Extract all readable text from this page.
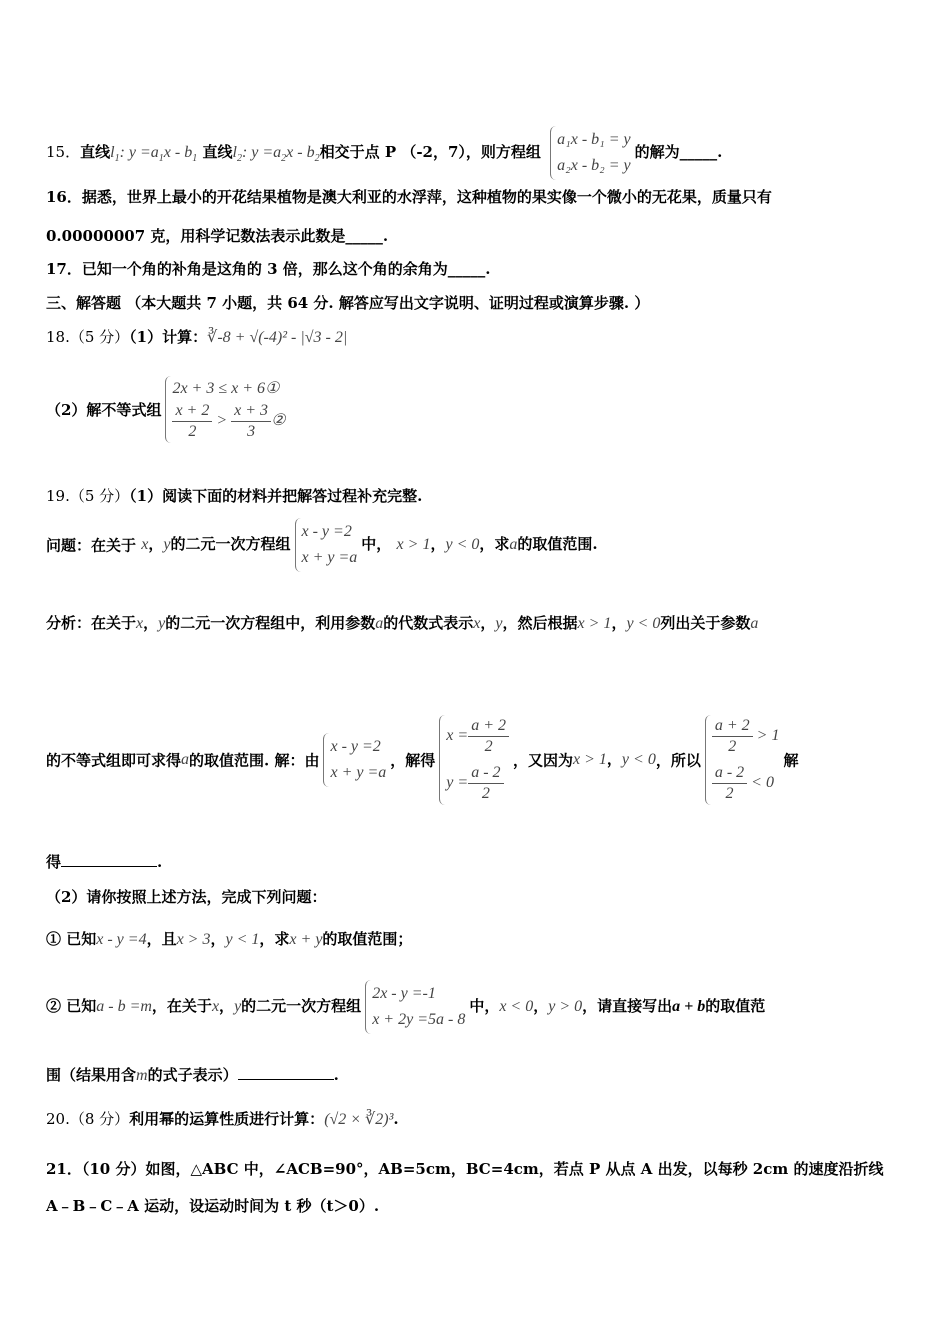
15．直线$l_1$: $y =a_1x - b_1$ 直线$l_2$: $y =a_2x - b_2$相交于点 P （-2，7），则方程组
a₁x - b₁ = y
a₂x - b₂ = y
的解为_____.
16．据悉，世界上最小的开花结果植物是澳大利亚的水浮萍，这种植物的果实像一个微小的无花果，质量只有
0.00000007 克，用科学记数法表示此数是_____.
17．已知一个角的补角是这角的 3 倍，那么这个角的余角为_____.
三、解答题 （本大题共 7 小题，共 64 分. 解答应写出文字说明、证明过程或演算步骤. ）
18.（5 分）（1）计算：∛-8 + √(-4)² - |√3 - 2|
（2）解不等式组
2x + 3 ≤ x + 6①
$\frac{x + 2}{2} > \frac{x + 3}{3}$ ②
19.（5 分）（1）阅读下面的材料并把解答过程补充完整.
问题：在关于 x，y的二元一次方程组
x - y =2
x + y =a
中， x > 1，y < 0，求a的取值范围.
分析：在关于x，y的二元一次方程组中，利用参数a的代数式表示x，y，然后根据x > 1，y < 0列出关于参数a
的不等式组即可求得a的取值范围. 解：由
x - y =2
x + y =a
，解得
$x = \frac{a + 2}{2}$
$y = \frac{a - 2}{2}$
，又因为x > 1，y < 0，所以
$\frac{a + 2}{2} > 1$
$\frac{a - 2}{2} < 0$
解
得	.
（2）请你按照上述方法，完成下列问题：
① 已知x - y =4，且x > 3，y < 1，求x + y的取值范围；
② 已知a - b =m，在关于x，y的二元一次方程组
2x - y =-1
x + 2y =5a - 8
中，x < 0，y > 0，请直接写出a + b的取值范
围（结果用含m的式子表示）	.
20.（8 分）利用幂的运算性质进行计算：(√2 × ∛2)³.
21．（10 分）如图，△ABC 中，∠ACB=90°，AB=5cm，BC=4cm，若点 P 从点 A 出发，以每秒 2cm 的速度沿折线
A﹣B﹣C﹣A 运动，设运动时间为 t 秒（t＞0）.
